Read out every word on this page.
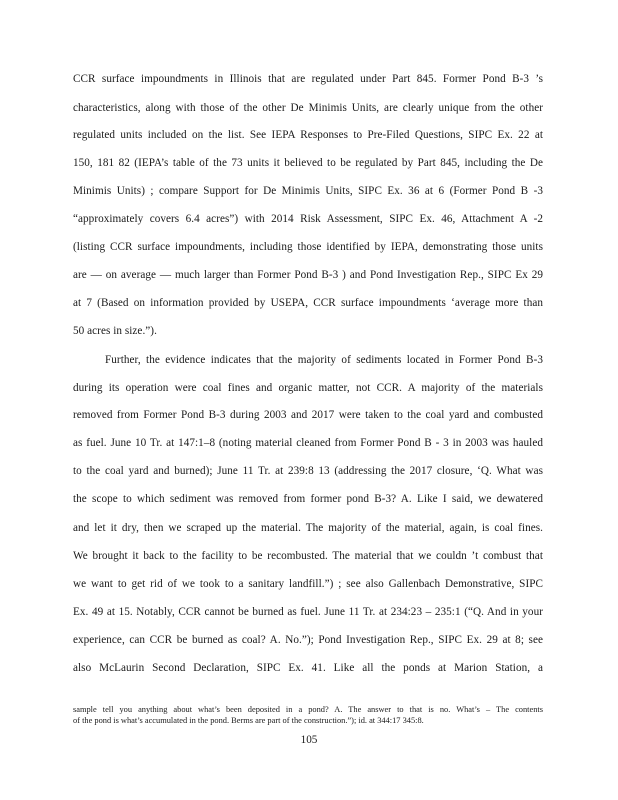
CCR surface impoundments in Illinois that are regulated under Part 845. Former Pond B-3 ’s
characteristics, along with those of the other De Minimis Units, are clearly unique from the other
regulated units included on the list. See IEPA Responses to Pre-Filed Questions, SIPC Ex. 22 at
150, 181 82 (IEPA’s table of the 73 units it believed to be regulated by Part 845, including the De
Minimis Units) ; compare Support for De Minimis Units, SIPC Ex. 36 at 6 (Former Pond B -3
“approximately covers 6.4 acres”) with 2014 Risk Assessment, SIPC Ex. 46, Attachment A -2
(listing CCR surface impoundments, including those identified by IEPA, demonstrating those units
are — on average — much larger than Former Pond B-3 ) and Pond Investigation Rep., SIPC Ex 29
at 7 (Based on information provided by USEPA, CCR surface impoundments ‘average more than
50 acres in size.”).
Further, the evidence indicates that the majority of sediments located in Former Pond B-3
during its operation were coal fines and organic matter, not CCR. A majority of the materials
removed from Former Pond B-3 during 2003 and 2017 were taken to the coal yard and combusted
as fuel. June 10 Tr. at 147:1–8 (noting material cleaned from Former Pond B - 3 in 2003 was hauled
to the coal yard and burned); June 11 Tr. at 239:8 13 (addressing the 2017 closure, ‘Q. What was
the scope to which sediment was removed from former pond B-3? A. Like I said, we dewatered
and let it dry, then we scraped up the material. The majority of the material, again, is coal fines.
We brought it back to the facility to be recombusted. The material that we couldn ’t combust that
we want to get rid of we took to a sanitary landfill.”) ; see also Gallenbach Demonstrative, SIPC
Ex. 49 at 15. Notably, CCR cannot be burned as fuel. June 11 Tr. at 234:23 – 235:1 (“Q. And in your
experience, can CCR be burned as coal? A. No.”); Pond Investigation Rep., SIPC Ex. 29 at 8; see
also McLaurin Second Declaration, SIPC Ex. 41. Like all the ponds at Marion Station, a
sample tell you anything about what’s been deposited in a pond? A. The answer to that is no. What’s – The contents
of the pond is what’s accumulated in the pond. Berms are part of the construction.”); id. at 344:17 345:8.
105
